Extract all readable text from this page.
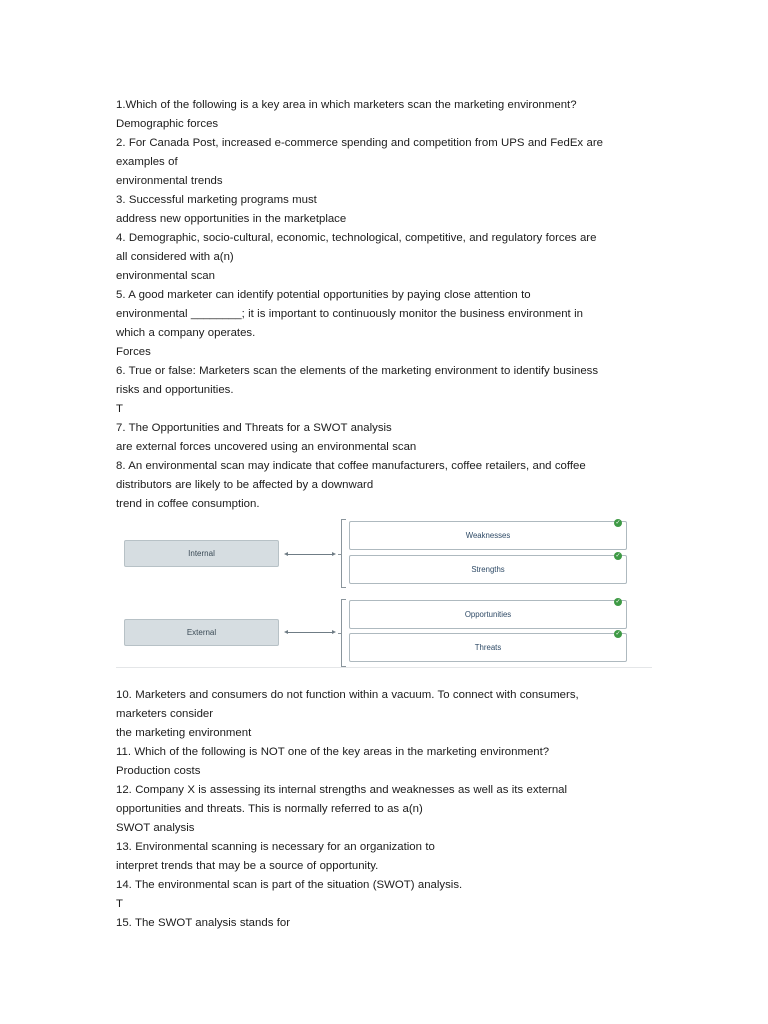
1.Which of the following is a key area in which marketers scan the marketing environment?
Demographic forces
2. For Canada Post, increased e-commerce spending and competition from UPS and FedEx are
examples of
environmental trends
3. Successful marketing programs must
address new opportunities in the marketplace
4. Demographic, socio-cultural, economic, technological, competitive, and regulatory forces are
all considered with a(n)
environmental scan
5. A good marketer can identify potential opportunities by paying close attention to
environmental ________; it is important to continuously monitor the business environment in
which a company operates.
Forces
6. True or false: Marketers scan the elements of the marketing environment to identify business
risks and opportunities.
T
7. The Opportunities and Threats for a SWOT analysis
are external forces uncovered using an environmental scan
8. An environmental scan may indicate that coffee manufacturers, coffee retailers, and coffee
distributors are likely to be affected by a downward
trend in coffee consumption.
Internal
External
Weaknesses
Strengths
Opportunities
Threats
✓
✓
✓
✓
10. Marketers and consumers do not function within a vacuum. To connect with consumers,
marketers consider
the marketing environment
11. Which of the following is NOT one of the key areas in the marketing environment?
Production costs
12. Company X is assessing its internal strengths and weaknesses as well as its external
opportunities and threats. This is normally referred to as a(n)
SWOT analysis
13. Environmental scanning is necessary for an organization to
interpret trends that may be a source of opportunity.
14. The environmental scan is part of the situation (SWOT) analysis.
T
15. The SWOT analysis stands for
